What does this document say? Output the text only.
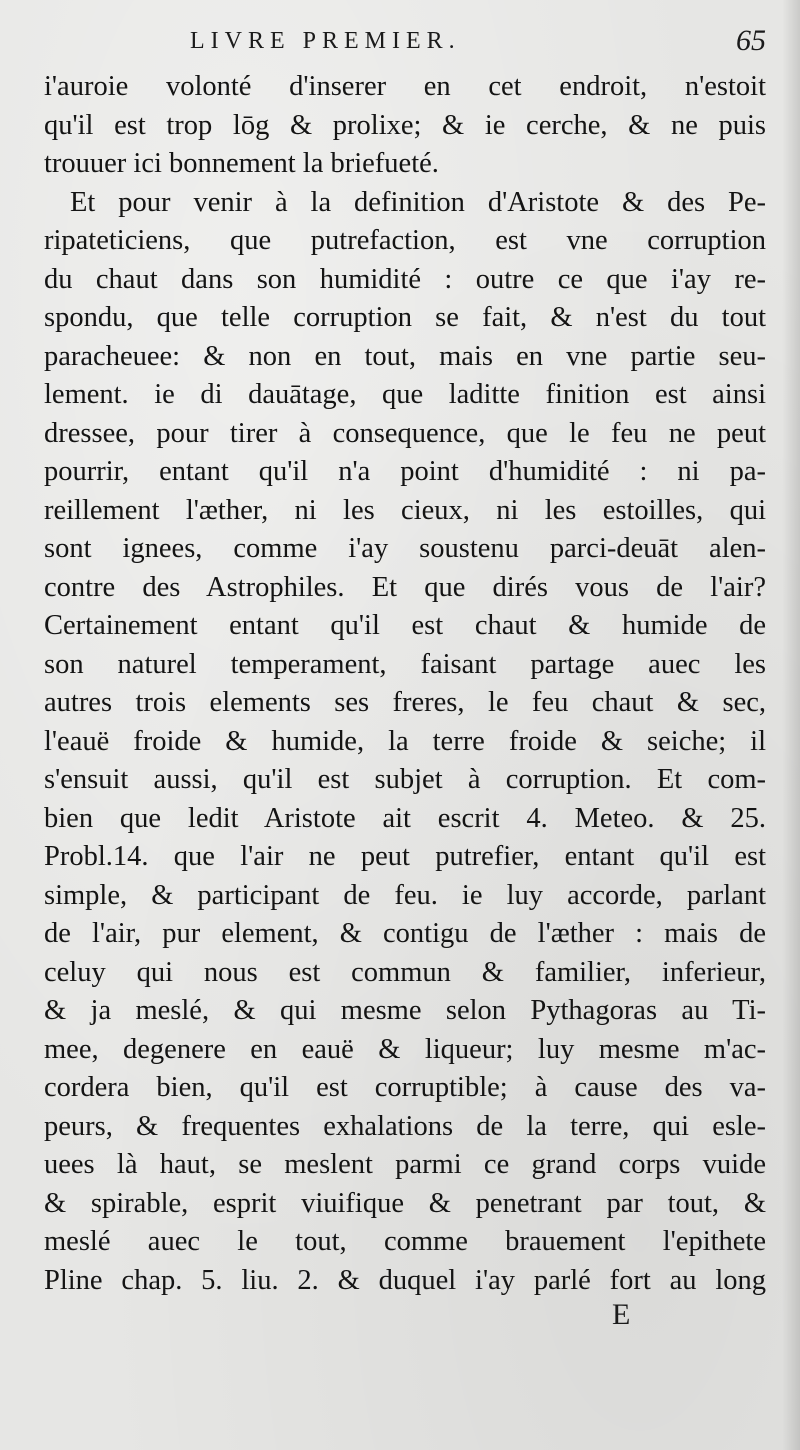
LIVRE PREMIER.	65
i'auroie volonté d'inserer en cet endroit, n'estoit
qu'il est trop lōg & prolixe; & ie cerche, & ne puis
trouuer ici bonnement la briefueté.
Et pour venir à la definition d'Aristote & des Pe-
ripateticiens, que putrefaction, est vne corruption
du chaut dans son humidité : outre ce que i'ay re-
spondu, que telle corruption se fait, & n'est du tout
paracheuee: & non en tout, mais en vne partie seu-
lement. ie di dauātage, que laditte finition est ainsi
dressee, pour tirer à consequence, que le feu ne peut
pourrir, entant qu'il n'a point d'humidité : ni pa-
reillement l'æther, ni les cieux, ni les estoilles, qui
sont ignees, comme i'ay soustenu parci-deuāt alen-
contre des Astrophiles. Et que dirés vous de l'air?
Certainement entant qu'il est chaut & humide de
son naturel temperament, faisant partage auec les
autres trois elements ses freres, le feu chaut & sec,
l'eauë froide & humide, la terre froide & seiche; il
s'ensuit aussi, qu'il est subjet à corruption. Et com-
bien que ledit Aristote ait escrit 4. Meteo. & 25.
Probl.14. que l'air ne peut putrefier, entant qu'il est
simple, & participant de feu. ie luy accorde, parlant
de l'air, pur element, & contigu de l'æther : mais de
celuy qui nous est commun & familier, inferieur,
& ja meslé, & qui mesme selon Pythagoras au Ti-
mee, degenere en eauë & liqueur; luy mesme m'ac-
cordera bien, qu'il est corruptible; à cause des va-
peurs, & frequentes exhalations de la terre, qui esle-
uees là haut, se meslent parmi ce grand corps vuide
& spirable, esprit viuifique & penetrant par tout, &
meslé auec le tout, comme brauement l'epithete
Pline chap. 5. liu. 2. & duquel i'ay parlé fort au long
E
